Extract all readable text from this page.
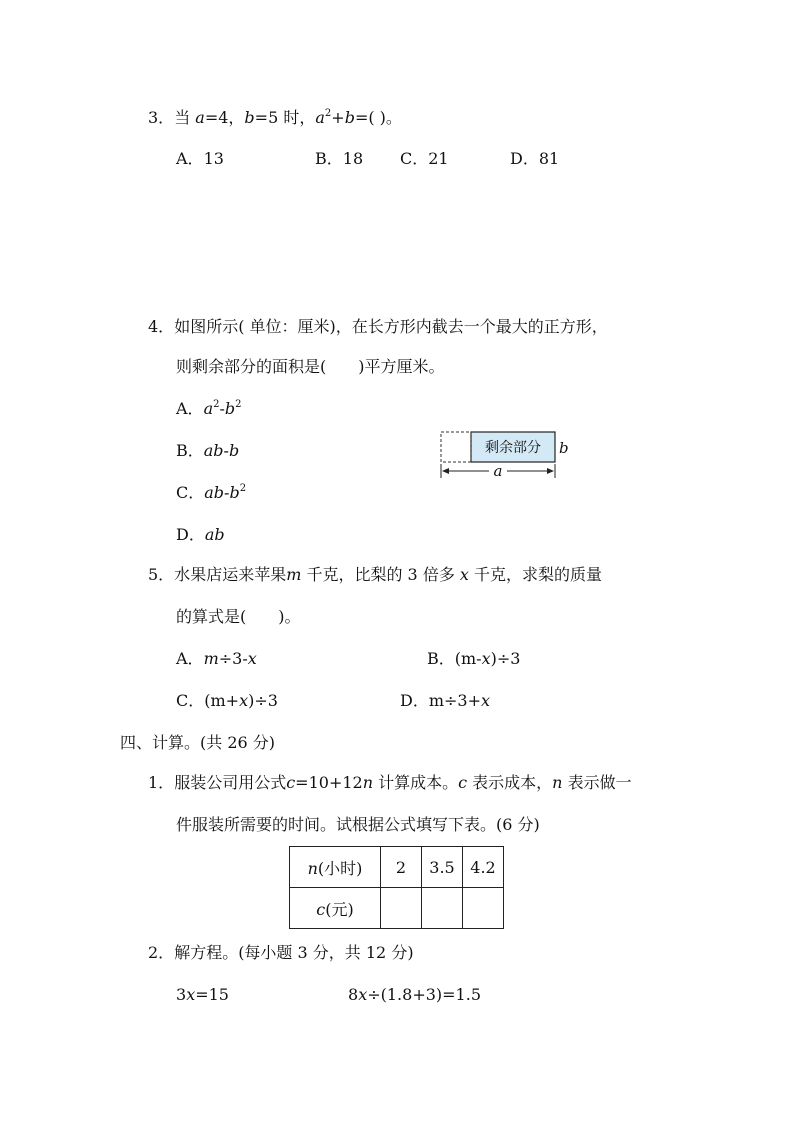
3．当 a=4，b=5 时，$a^2+b=$( )。
A．13	B．18 C．21	D．81
4．如图所示( 单位：厘米)，在长方形内截去一个最大的正方形，
则剩余部分的面积是(　　)平方厘米。
A．$a^2-b^2$
B．ab-b
C．$ab-b^2$
D．ab
剩余部分 b
a
5．水果店运来苹果m 千克，比梨的 3 倍多 x 千克，求梨的质量
的算式是(　　)。
A．m÷3-x	B．(m-x)÷3
C．(m+x)÷3	D．m÷3+x
四、计算。(共 26 分)
1．服装公司用公式c=10+12n 计算成本。c 表示成本，n 表示做一
件服装所需要的时间。试根据公式填写下表。(6 分)
n(小时)	2	3.5	4.2
c(元)			
2．解方程。(每小题 3 分，共 12 分)
3x=15	8x÷(1.8+3)=1.5
